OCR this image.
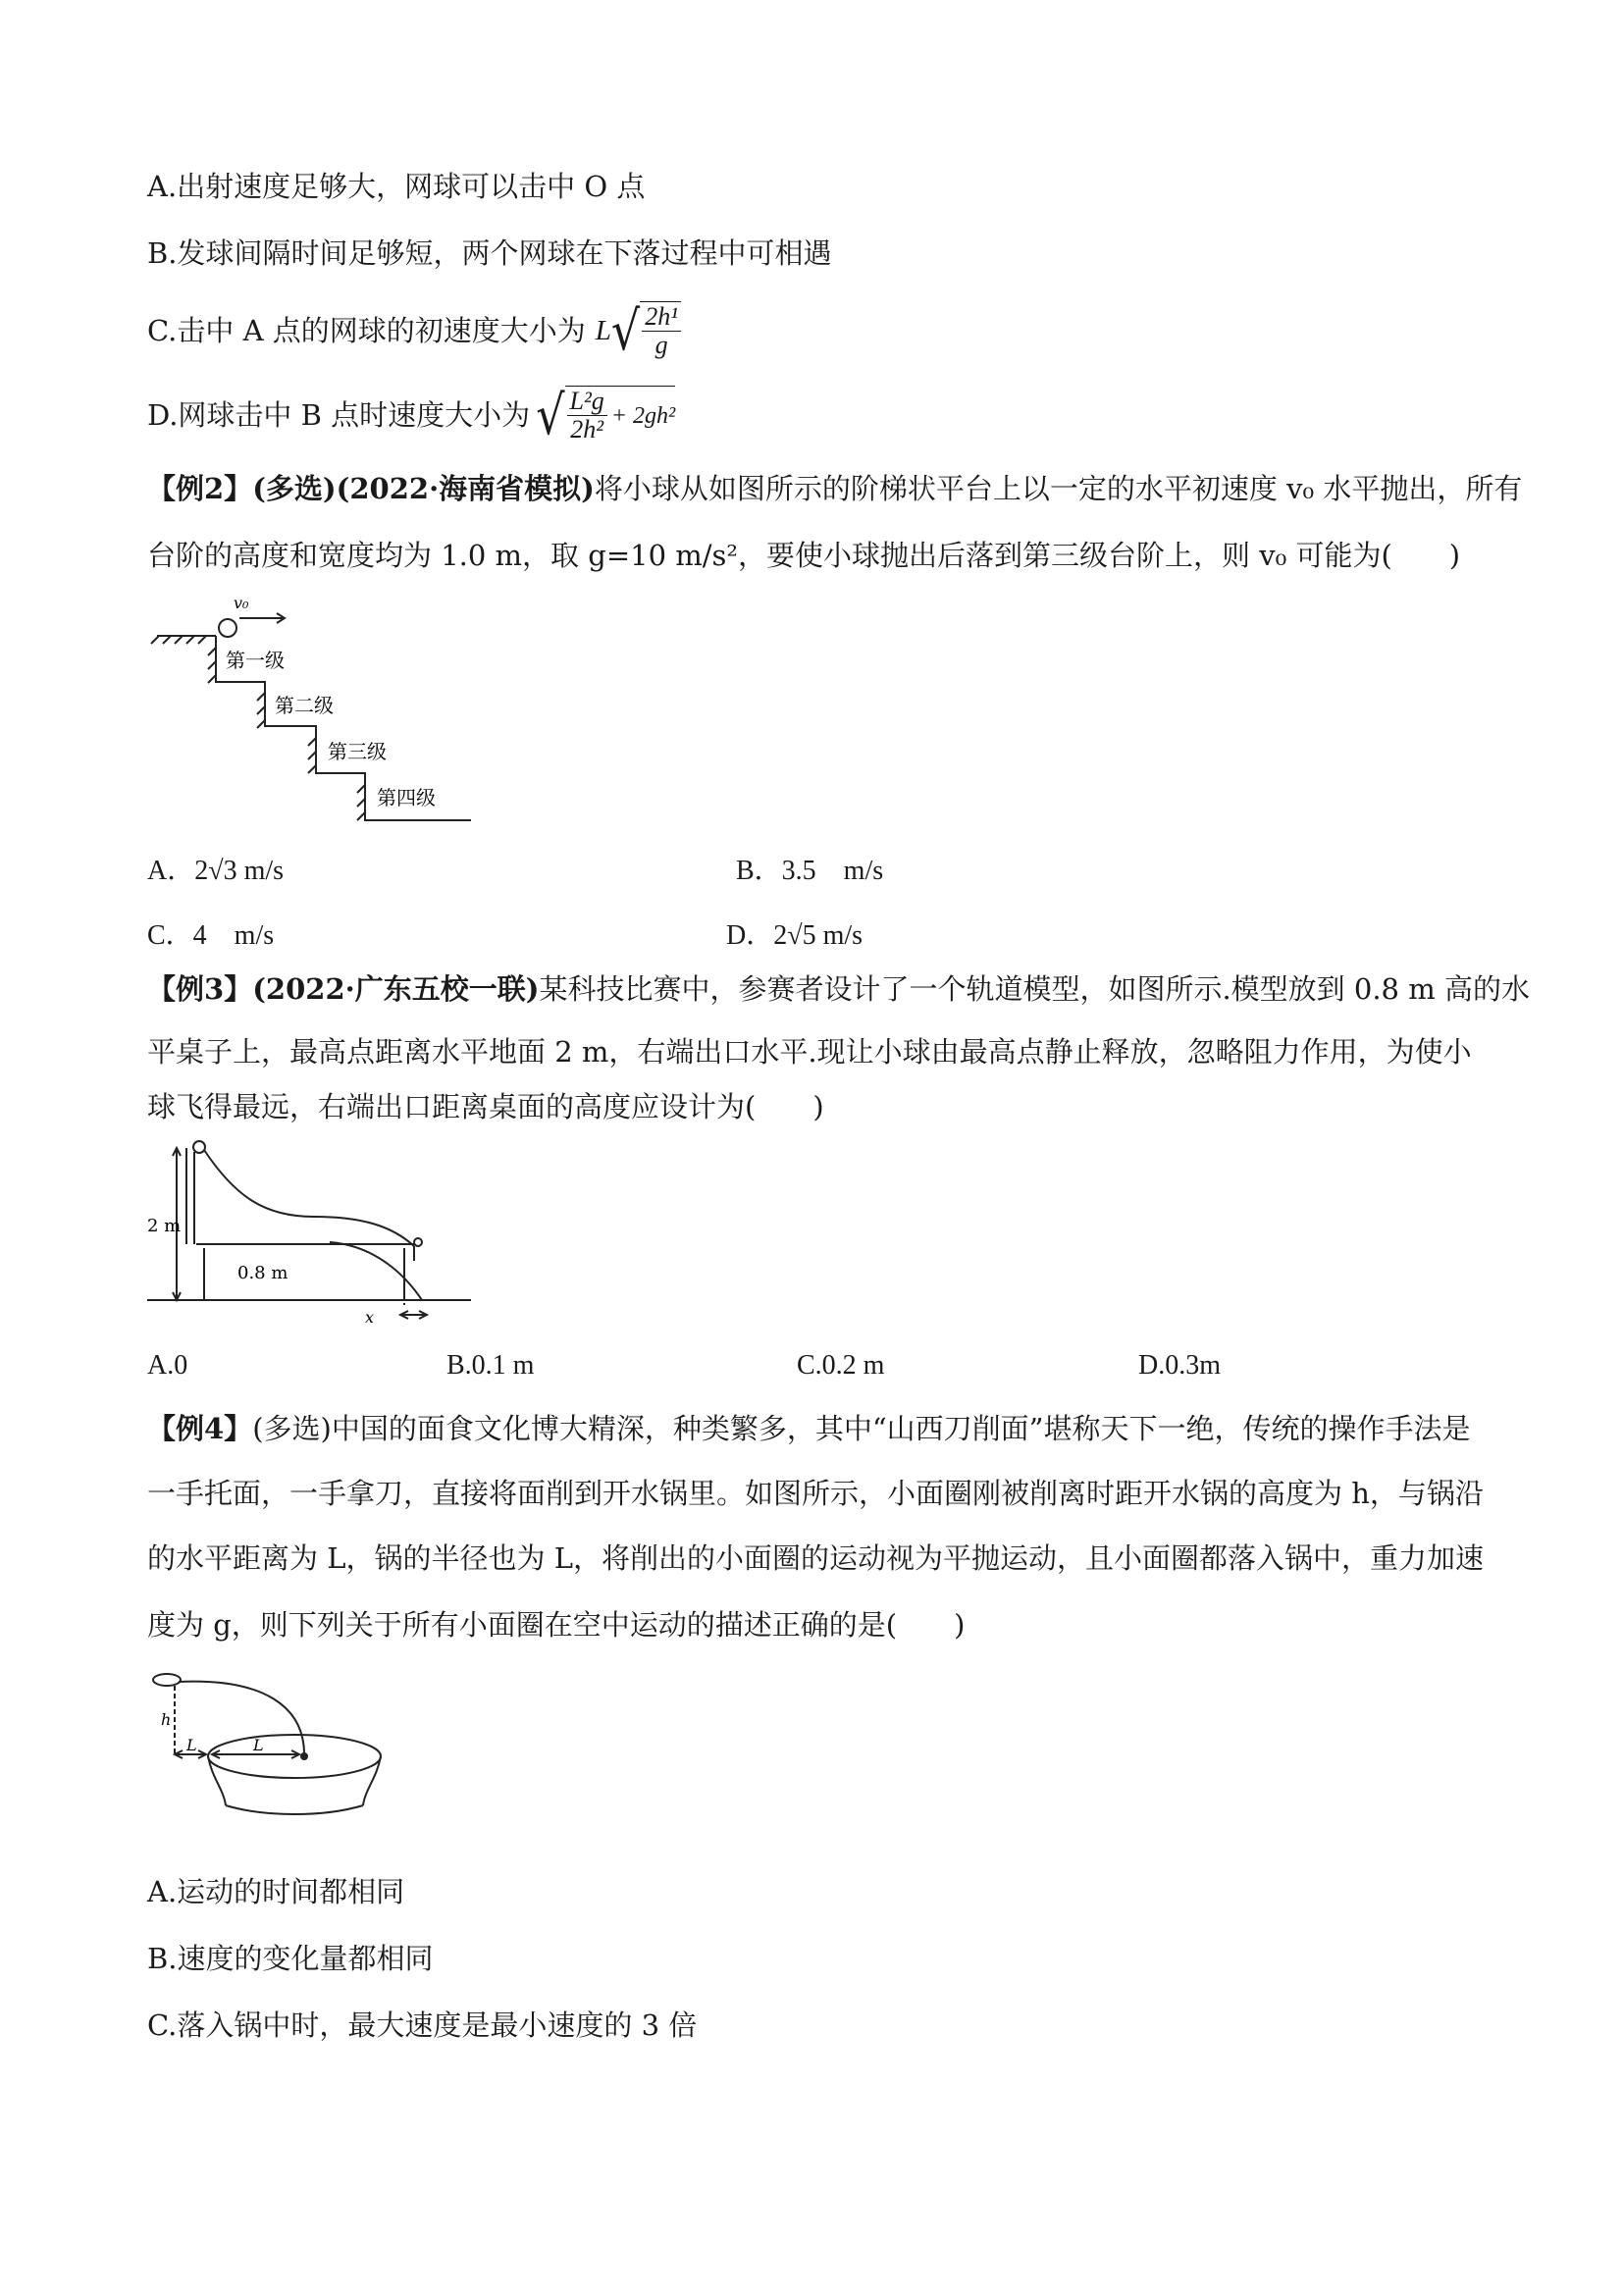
A.出射速度足够大，网球可以击中 O 点
B.发球间隔时间足够短，两个网球在下落过程中可相遇
C.击中 A 点的网球的初速度大小为 L √ $\frac{\text{2h¹}}{g}$
D.网球击中 B 点时速度大小为 √ $\frac{\text{L²g}}{\text{2h²}} + 2gh^2$
【例2】(多选)(2022·海南省模拟)将小球从如图所示的阶梯状平台上以一定的水平初速度 v₀ 水平抛出，所有
台阶的高度和宽度均为 1.0 m，取 g=10 m/s²，要使小球抛出后落到第三级台阶上，则 v₀ 可能为(　　)
v₀
第一级
第二级
第三级
第四级
A．2√3 m/s	B．3.5　m/s
C．4　m/s	D．2√5 m/s
【例3】(2022·广东五校一联)某科技比赛中，参赛者设计了一个轨道模型，如图所示.模型放到 0.8 m 高的水
平桌子上，最高点距离水平地面 2 m，右端出口水平.现让小球由最高点静止释放，忽略阻力作用，为使小
球飞得最远，右端出口距离桌面的高度应设计为(　　)
2 m
0.8 m
x
A.0	B.0.1 m	C.0.2 m	D.0.3m
【例4】(多选)中国的面食文化博大精深，种类繁多，其中“山西刀削面”堪称天下一绝，传统的操作手法是
一手托面，一手拿刀，直接将面削到开水锅里。如图所示，小面圈刚被削离时距开水锅的高度为 h，与锅沿
的水平距离为 L，锅的半径也为 L，将削出的小面圈的运动视为平抛运动，且小面圈都落入锅中，重力加速
度为 g，则下列关于所有小面圈在空中运动的描述正确的是(　　)
h
L	L
A.运动的时间都相同
B.速度的变化量都相同
C.落入锅中时，最大速度是最小速度的 3 倍
